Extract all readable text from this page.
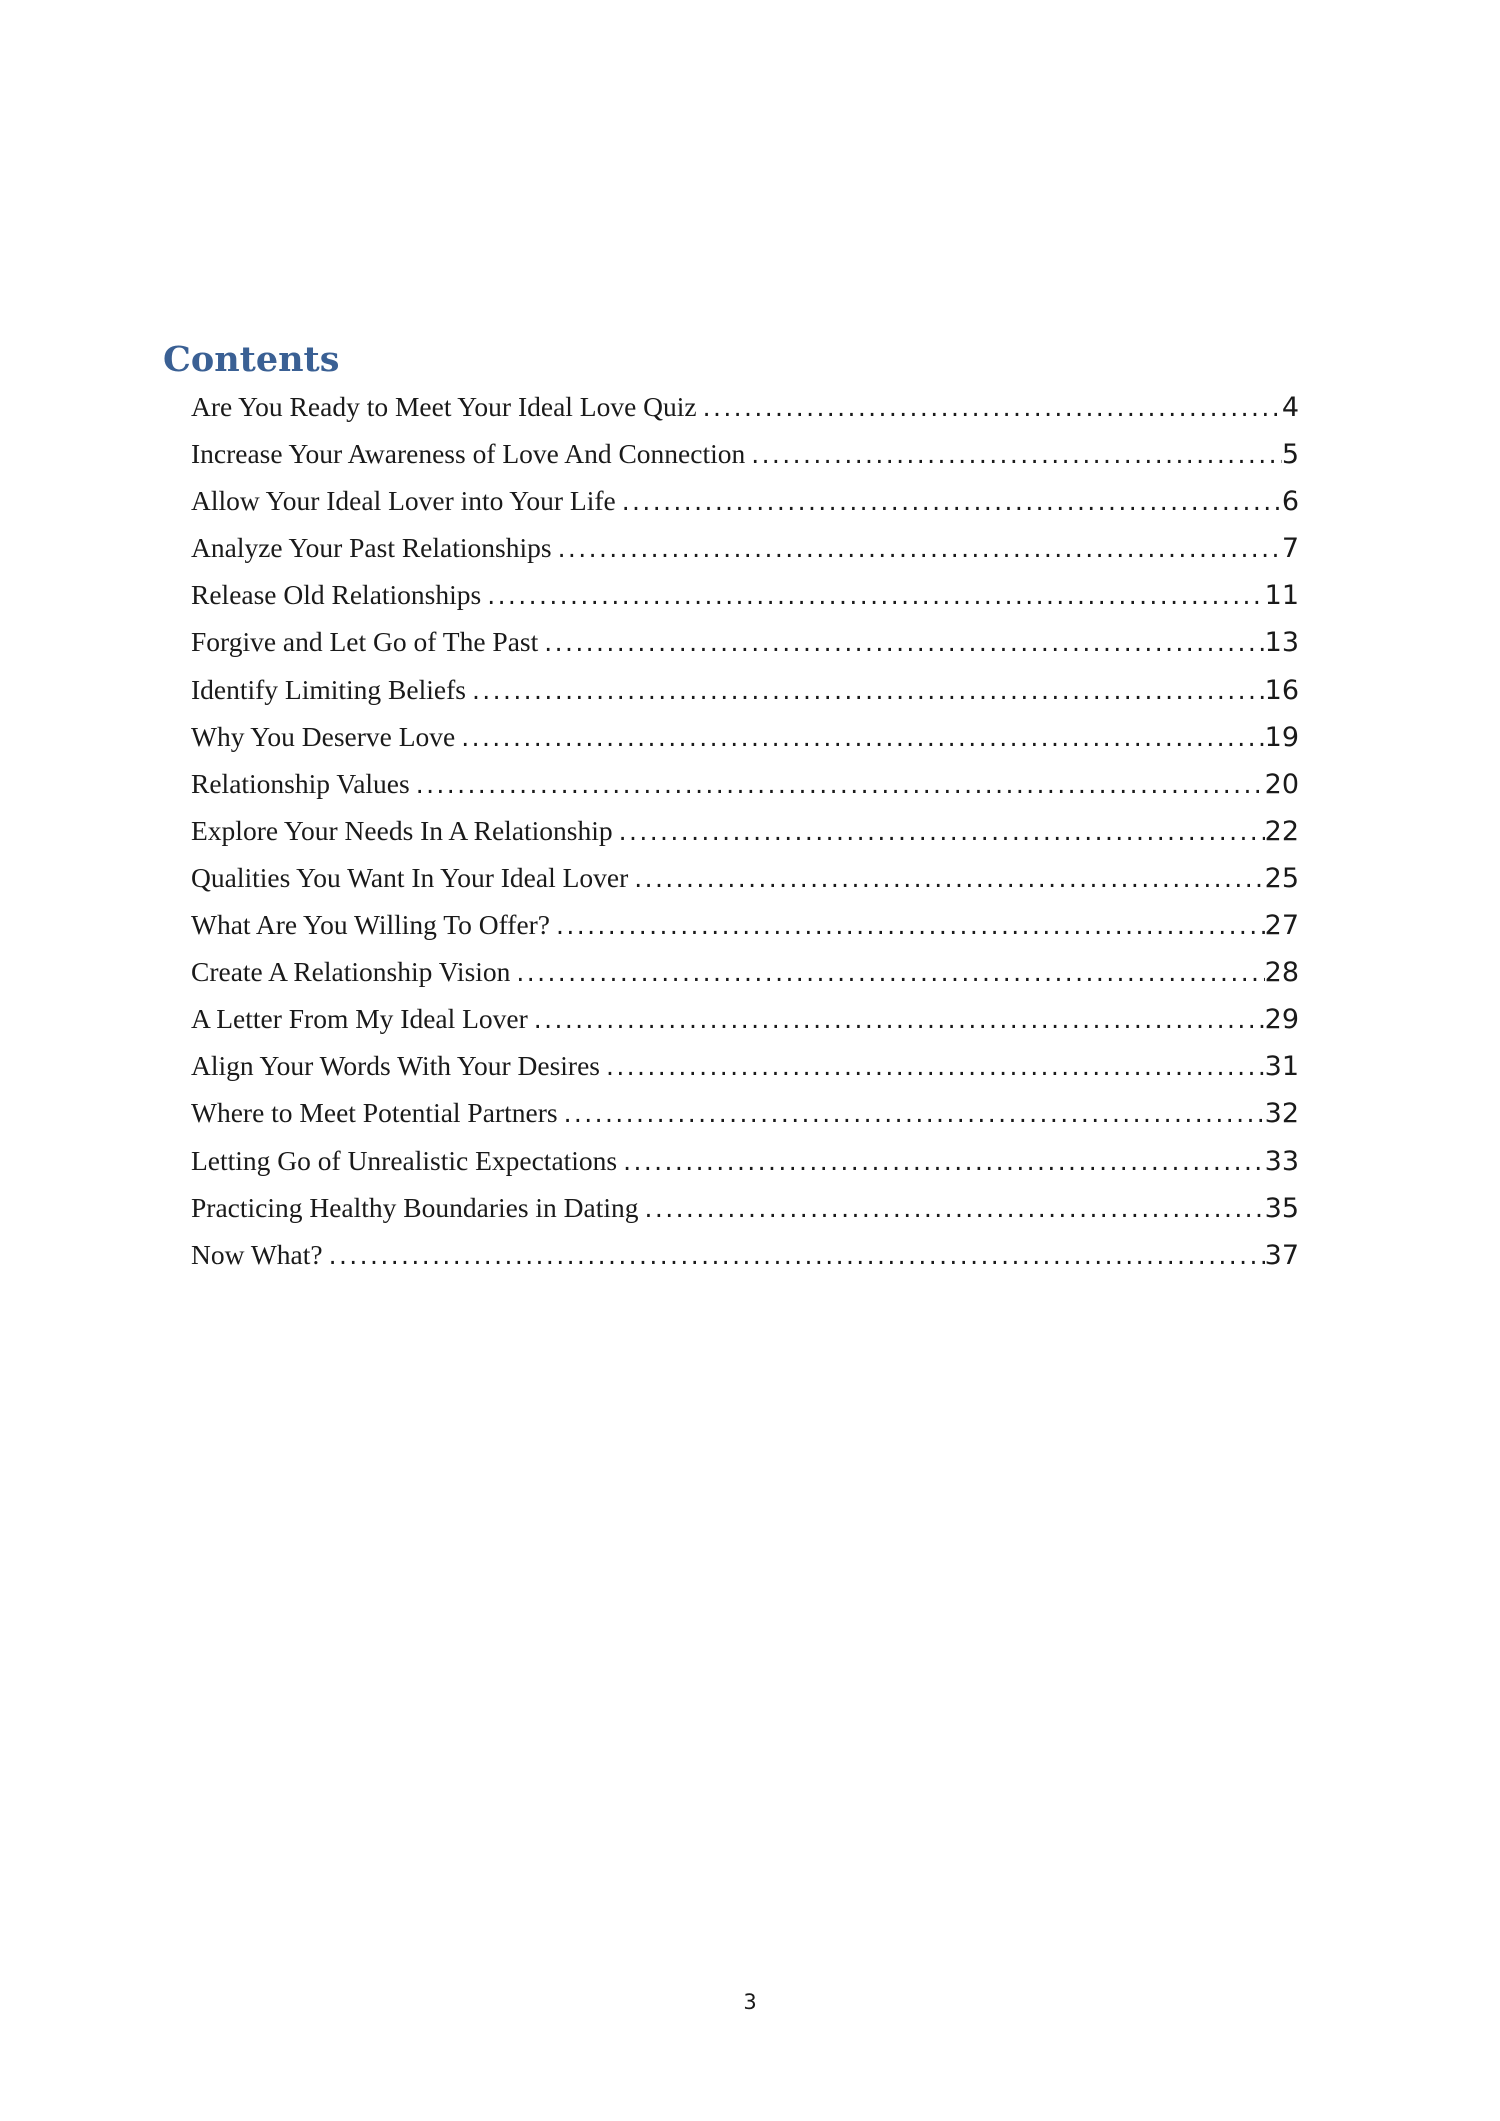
Contents
Are You Ready to Meet Your Ideal Love Quiz .....	4
Increase Your Awareness of Love And Connection .....	5
Allow Your Ideal Lover into Your Life .....	6
Analyze Your Past Relationships .....	7
Release Old Relationships .....	11
Forgive and Let Go of The Past .....	13
Identify Limiting Beliefs .....	16
Why You Deserve Love .....	19
Relationship Values .....	20
Explore Your Needs In A Relationship .....	22
Qualities You Want In Your Ideal Lover .....	25
What Are You Willing To Offer? .....	27
Create A Relationship Vision .....	28
A Letter From My Ideal Lover .....	29
Align Your Words With Your Desires .....	31
Where to Meet Potential Partners .....	32
Letting Go of Unrealistic Expectations .....	33
Practicing Healthy Boundaries in Dating .....	35
Now What? .....	37
3
